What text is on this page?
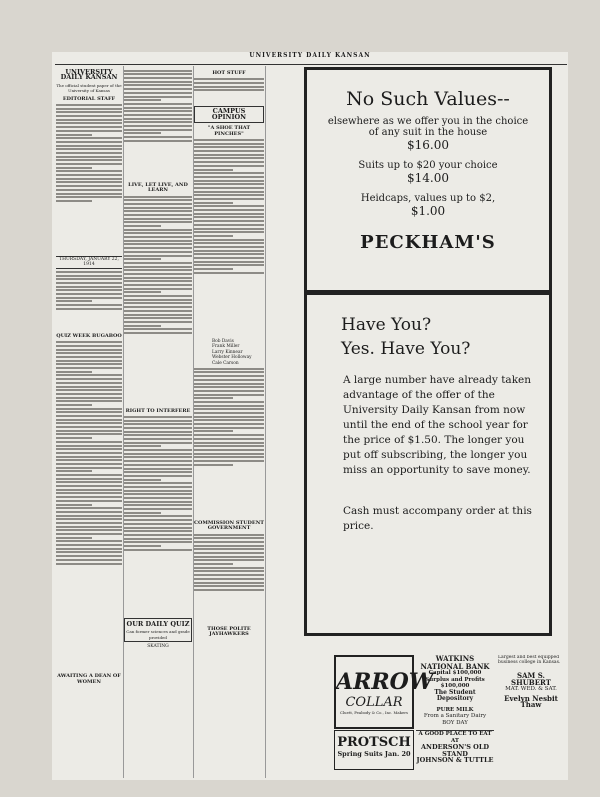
UNIVERSITY DAILY KANSAN
UNIVERSITY DAILY KANSAN
The official student paper of the University of Kansas
EDITORIAL STAFF
THURSDAY, JANUARY 22, 1914
QUIZ WEEK BUGABOO
AWAITING A DEAN OF WOMEN
LIVE, LET LIVE, AND LEARN
RIGHT TO INTERFERE
OUR DAILY QUIZ
Can former sciences and grade provided
SKATING
HOT STUFF
CAMPUS OPINION
"A SHOE THAT PINCHES"
Bob Davis
Frank Miller
Larry Kinnear
Webster Holloway
Cale Carson
COMMISSION STUDENT GOVERNMENT
THOSE POLITE JAYHAWKERS
No Such Values--
elsewhere as we offer you in the choice of any suit in the house
$16.00
Suits up to $20 your choice
$14.00
Heidcaps, values up to $2,
$1.00
PECKHAM'S
Have You?
Yes. Have You?
A large number have already taken advantage of the offer of the University Daily Kansan from now until the end of the school year for the price of $1.50. The longer you put off subscribing, the longer you miss an opportunity to save money.
Cash must accompany order at this price.
ARROW
COLLAR
Cluett, Peabody & Co., Inc. Makers
WATKINS NATIONAL BANK
Capital $100,000
Surplus and Profits $100,000
The Student Depository
PURE MILK
From a Sanitary Dairy
BOY DAY
A GOOD PLACE TO EAT AT
ANDERSON'S OLD STAND
JOHNSON & TUTTLE
PROTSCH
Spring Suits Jan. 20
Largest and best equipped business college in Kansas.
SAM S. SHUBERT
MAT. WED. & SAT.
Evelyn Nesbit Thaw
